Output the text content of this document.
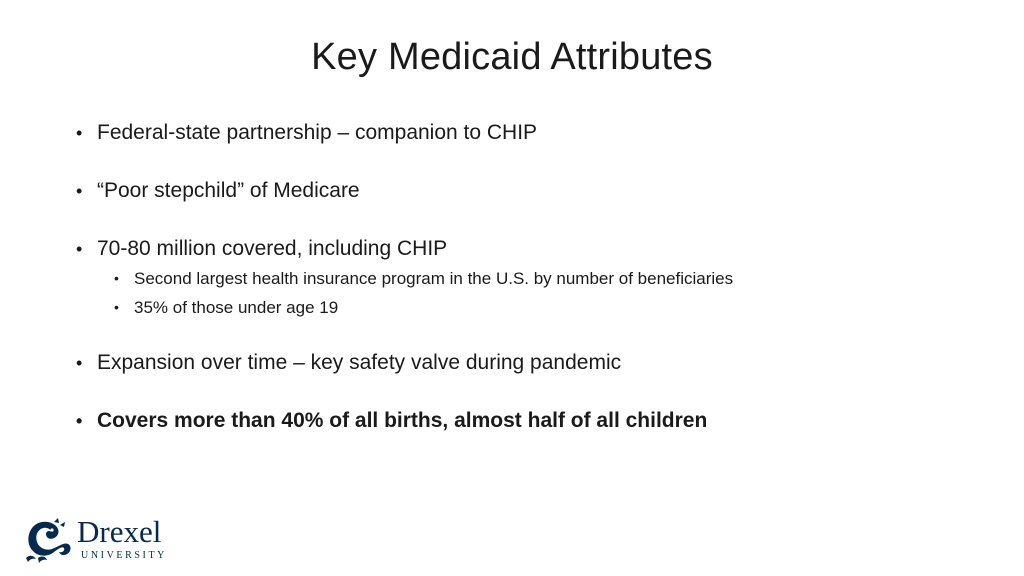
Key Medicaid Attributes
• Federal-state partnership – companion to CHIP
• “Poor stepchild” of Medicare
• 70-80 million covered, including CHIP
• Second largest health insurance program in the U.S. by number of beneficiaries
• 35% of those under age 19
• Expansion over time – key safety valve during pandemic
• Covers more than 40% of all births, almost half of all children
Drexel
UNIVERSITY
